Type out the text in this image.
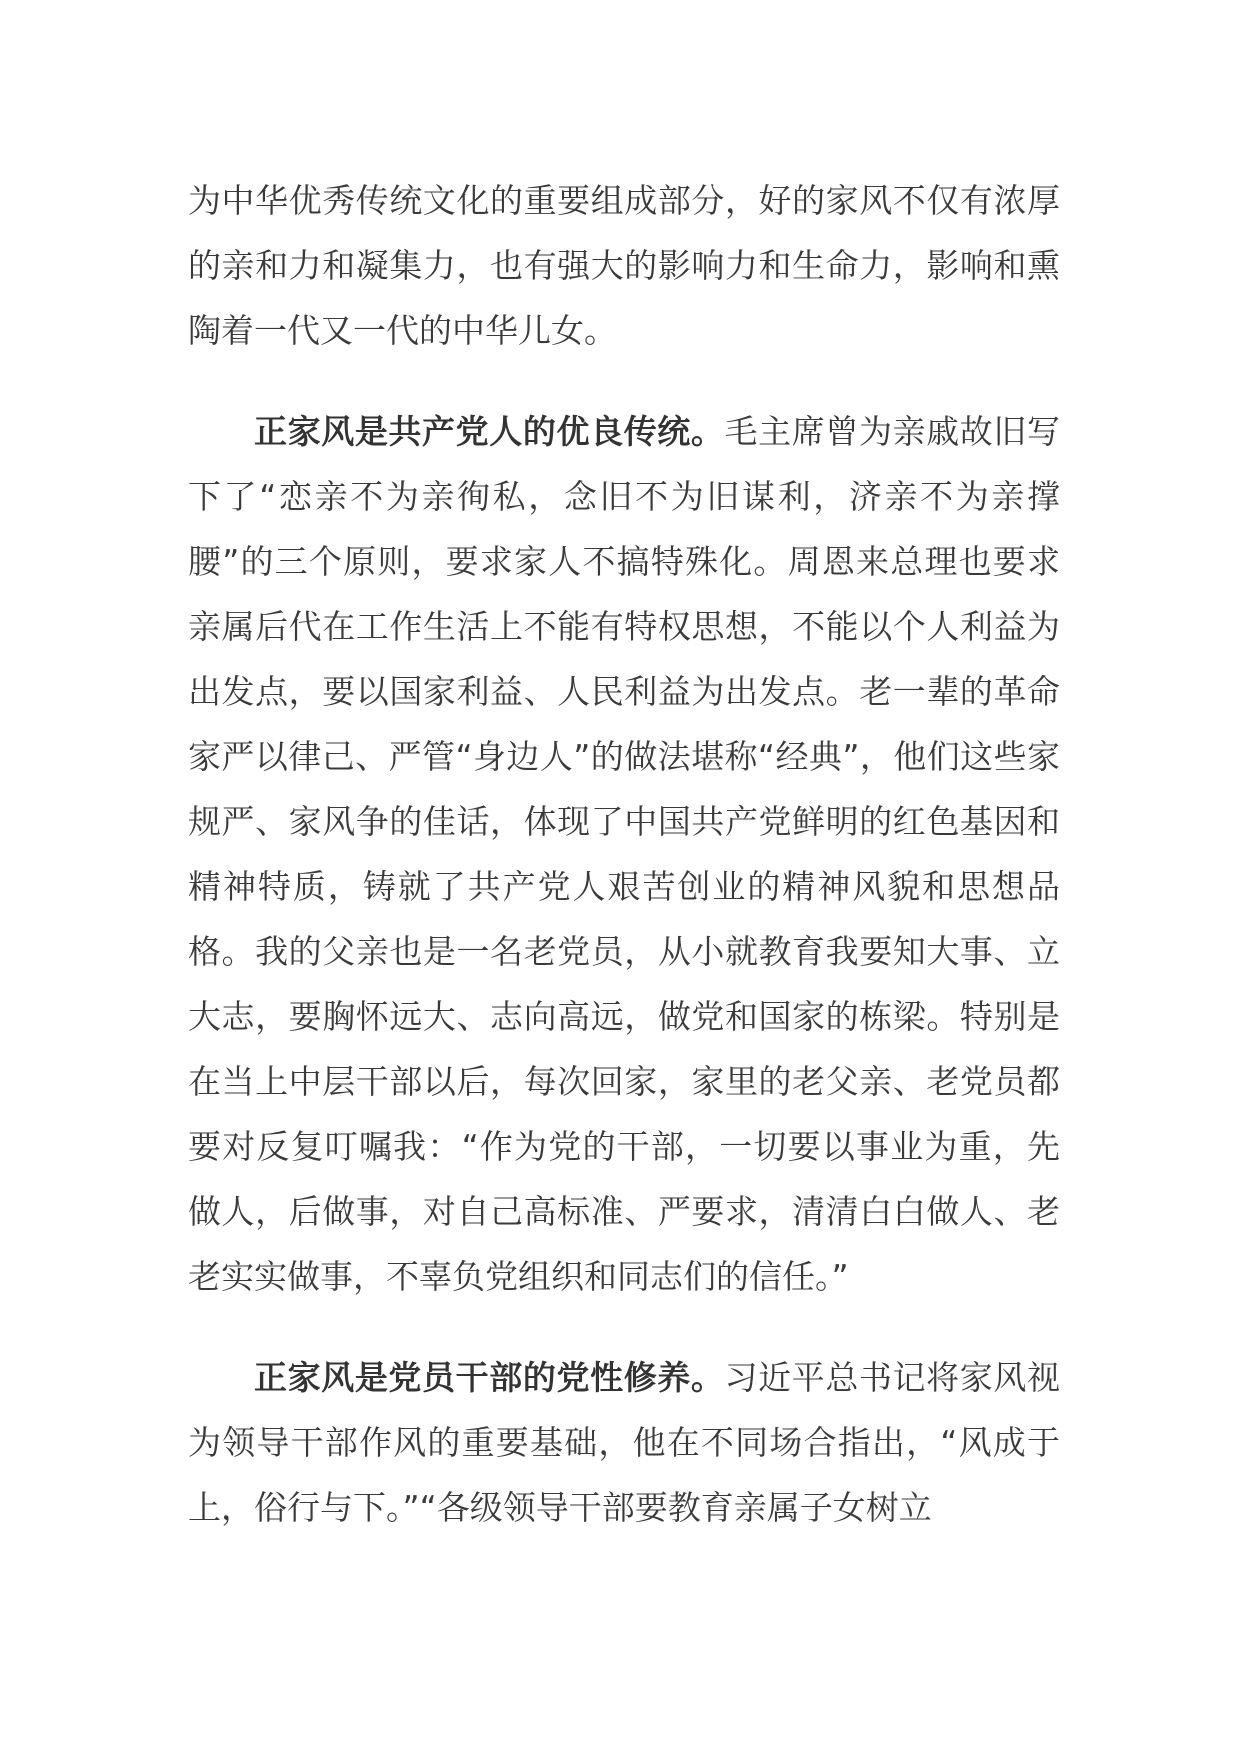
为中华优秀传统文化的重要组成部分，好的家风不仅有浓厚的亲和力和凝集力，也有强大的影响力和生命力，影响和熏陶着一代又一代的中华儿女。

正家风是共产党人的优良传统。毛主席曾为亲戚故旧写下了“恋亲不为亲徇私，念旧不为旧谋利，济亲不为亲撑腰”的三个原则，要求家人不搞特殊化。周恩来总理也要求亲属后代在工作生活上不能有特权思想，不能以个人利益为出发点，要以国家利益、人民利益为出发点。老一辈的革命家严以律己、严管“身边人”的做法堪称“经典”，他们这些家规严、家风争的佳话，体现了中国共产党鲜明的红色基因和精神特质，铸就了共产党人艰苦创业的精神风貌和思想品格。我的父亲也是一名老党员，从小就教育我要知大事、立大志，要胸怀远大、志向高远，做党和国家的栋梁。特别是在当上中层干部以后，每次回家，家里的老父亲、老党员都要对反复叮嘱我：“作为党的干部，一切要以事业为重，先做人，后做事，对自己高标准、严要求，清清白白做人、老老实实做事，不辜负党组织和同志们的信任。”

正家风是党员干部的党性修养。习近平总书记将家风视为领导干部作风的重要基础，他在不同场合指出，“风成于上，俗行与下。”“各级领导干部要教育亲属子女树立
